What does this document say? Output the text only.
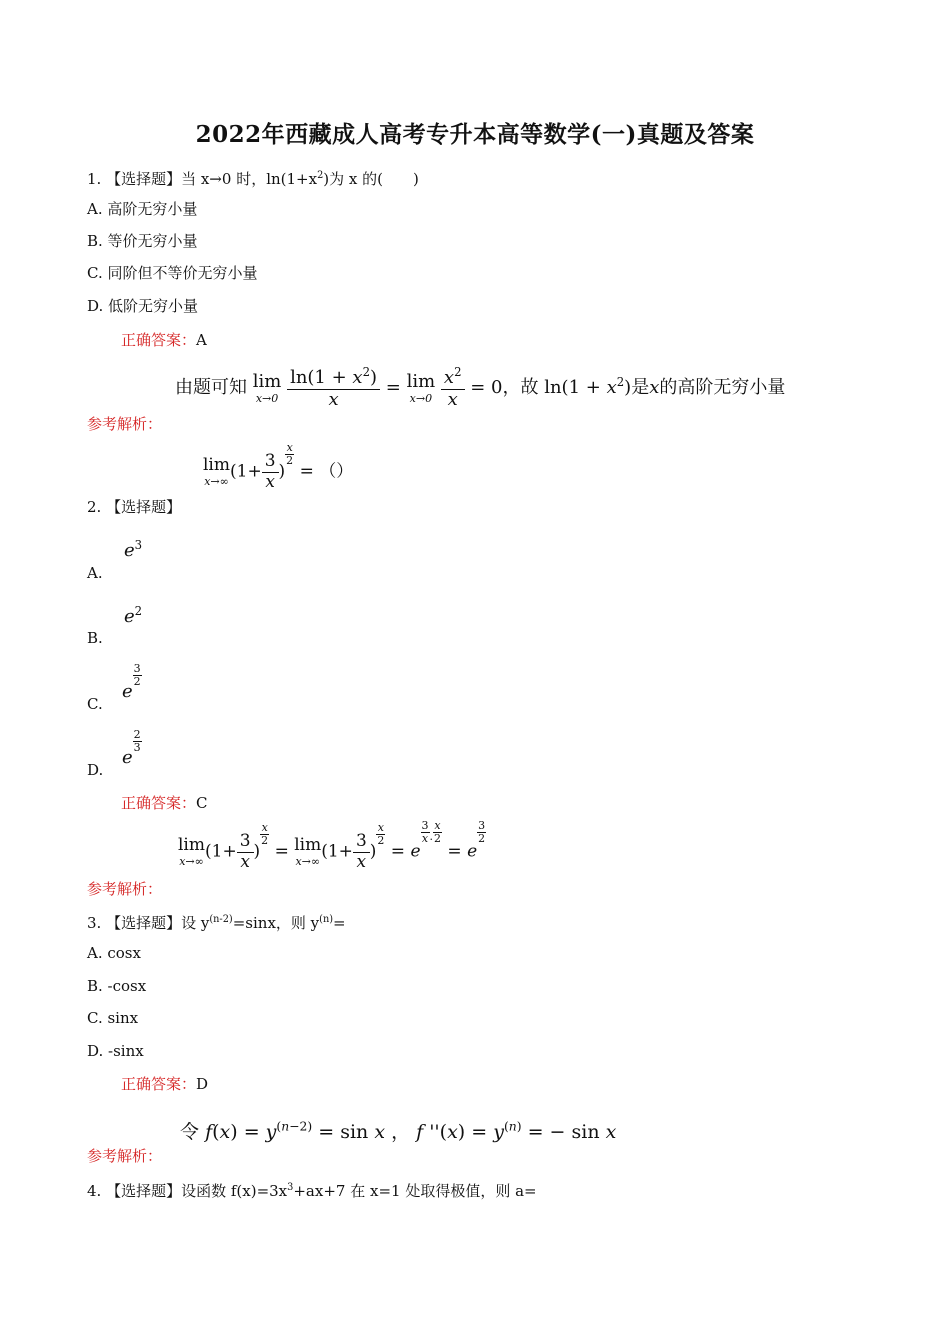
2022年西藏成人高考专升本高等数学(一)真题及答案
1. 【选择题】当 x→0 时，$\ln(1+x^2)$为 x 的(　　)
A. 高阶无穷小量
B. 等价无穷小量
C. 同阶但不等价无穷小量
D. 低阶无穷小量
正确答案：A
由题可知 lim
x→0
$\frac{\ln(1 + x^2)}{x} = \lim$
x→0
$\frac{x^2}{x} = 0$，故 $\ln(1 + x^2)$是x的高阶无穷小量
参考解析：
lim
x→∞ ($1+ \frac{3}{x}$ )
$\frac{x}{2}$
= （）
2. 【选择题】
$e^3$
A.
$e^2$
B.
e
$\frac{3}{2}$
C.
e
$\frac{2}{3}$
D.
正确答案：C
lim
x→∞ ($1+ \frac{3}{x}$ )
$\frac{x}{2}$
= lim
x→∞ ($1+ \frac{3}{x}$ )
$\frac{x}{2}$
= e
$\frac{3}{x} ^\cdot \frac{x}{2}$
= e
$\frac{3}{2}$
参考解析：
3. 【选择题】设 $y^{(n-2)}=\sin x$，则 $y^{(n)}=$
A. cosx
B. -cosx
C. sinx
D. -sinx
正确答案：D
令 $f(x) = y^{(n-2)} = \sin x$ ， f ''$(x) = y^{(n)}$ = − sin x
参考解析：
4. 【选择题】设函数 $f(x)=3x^3+ax+7$ 在 x=1 处取得极值，则 a=
